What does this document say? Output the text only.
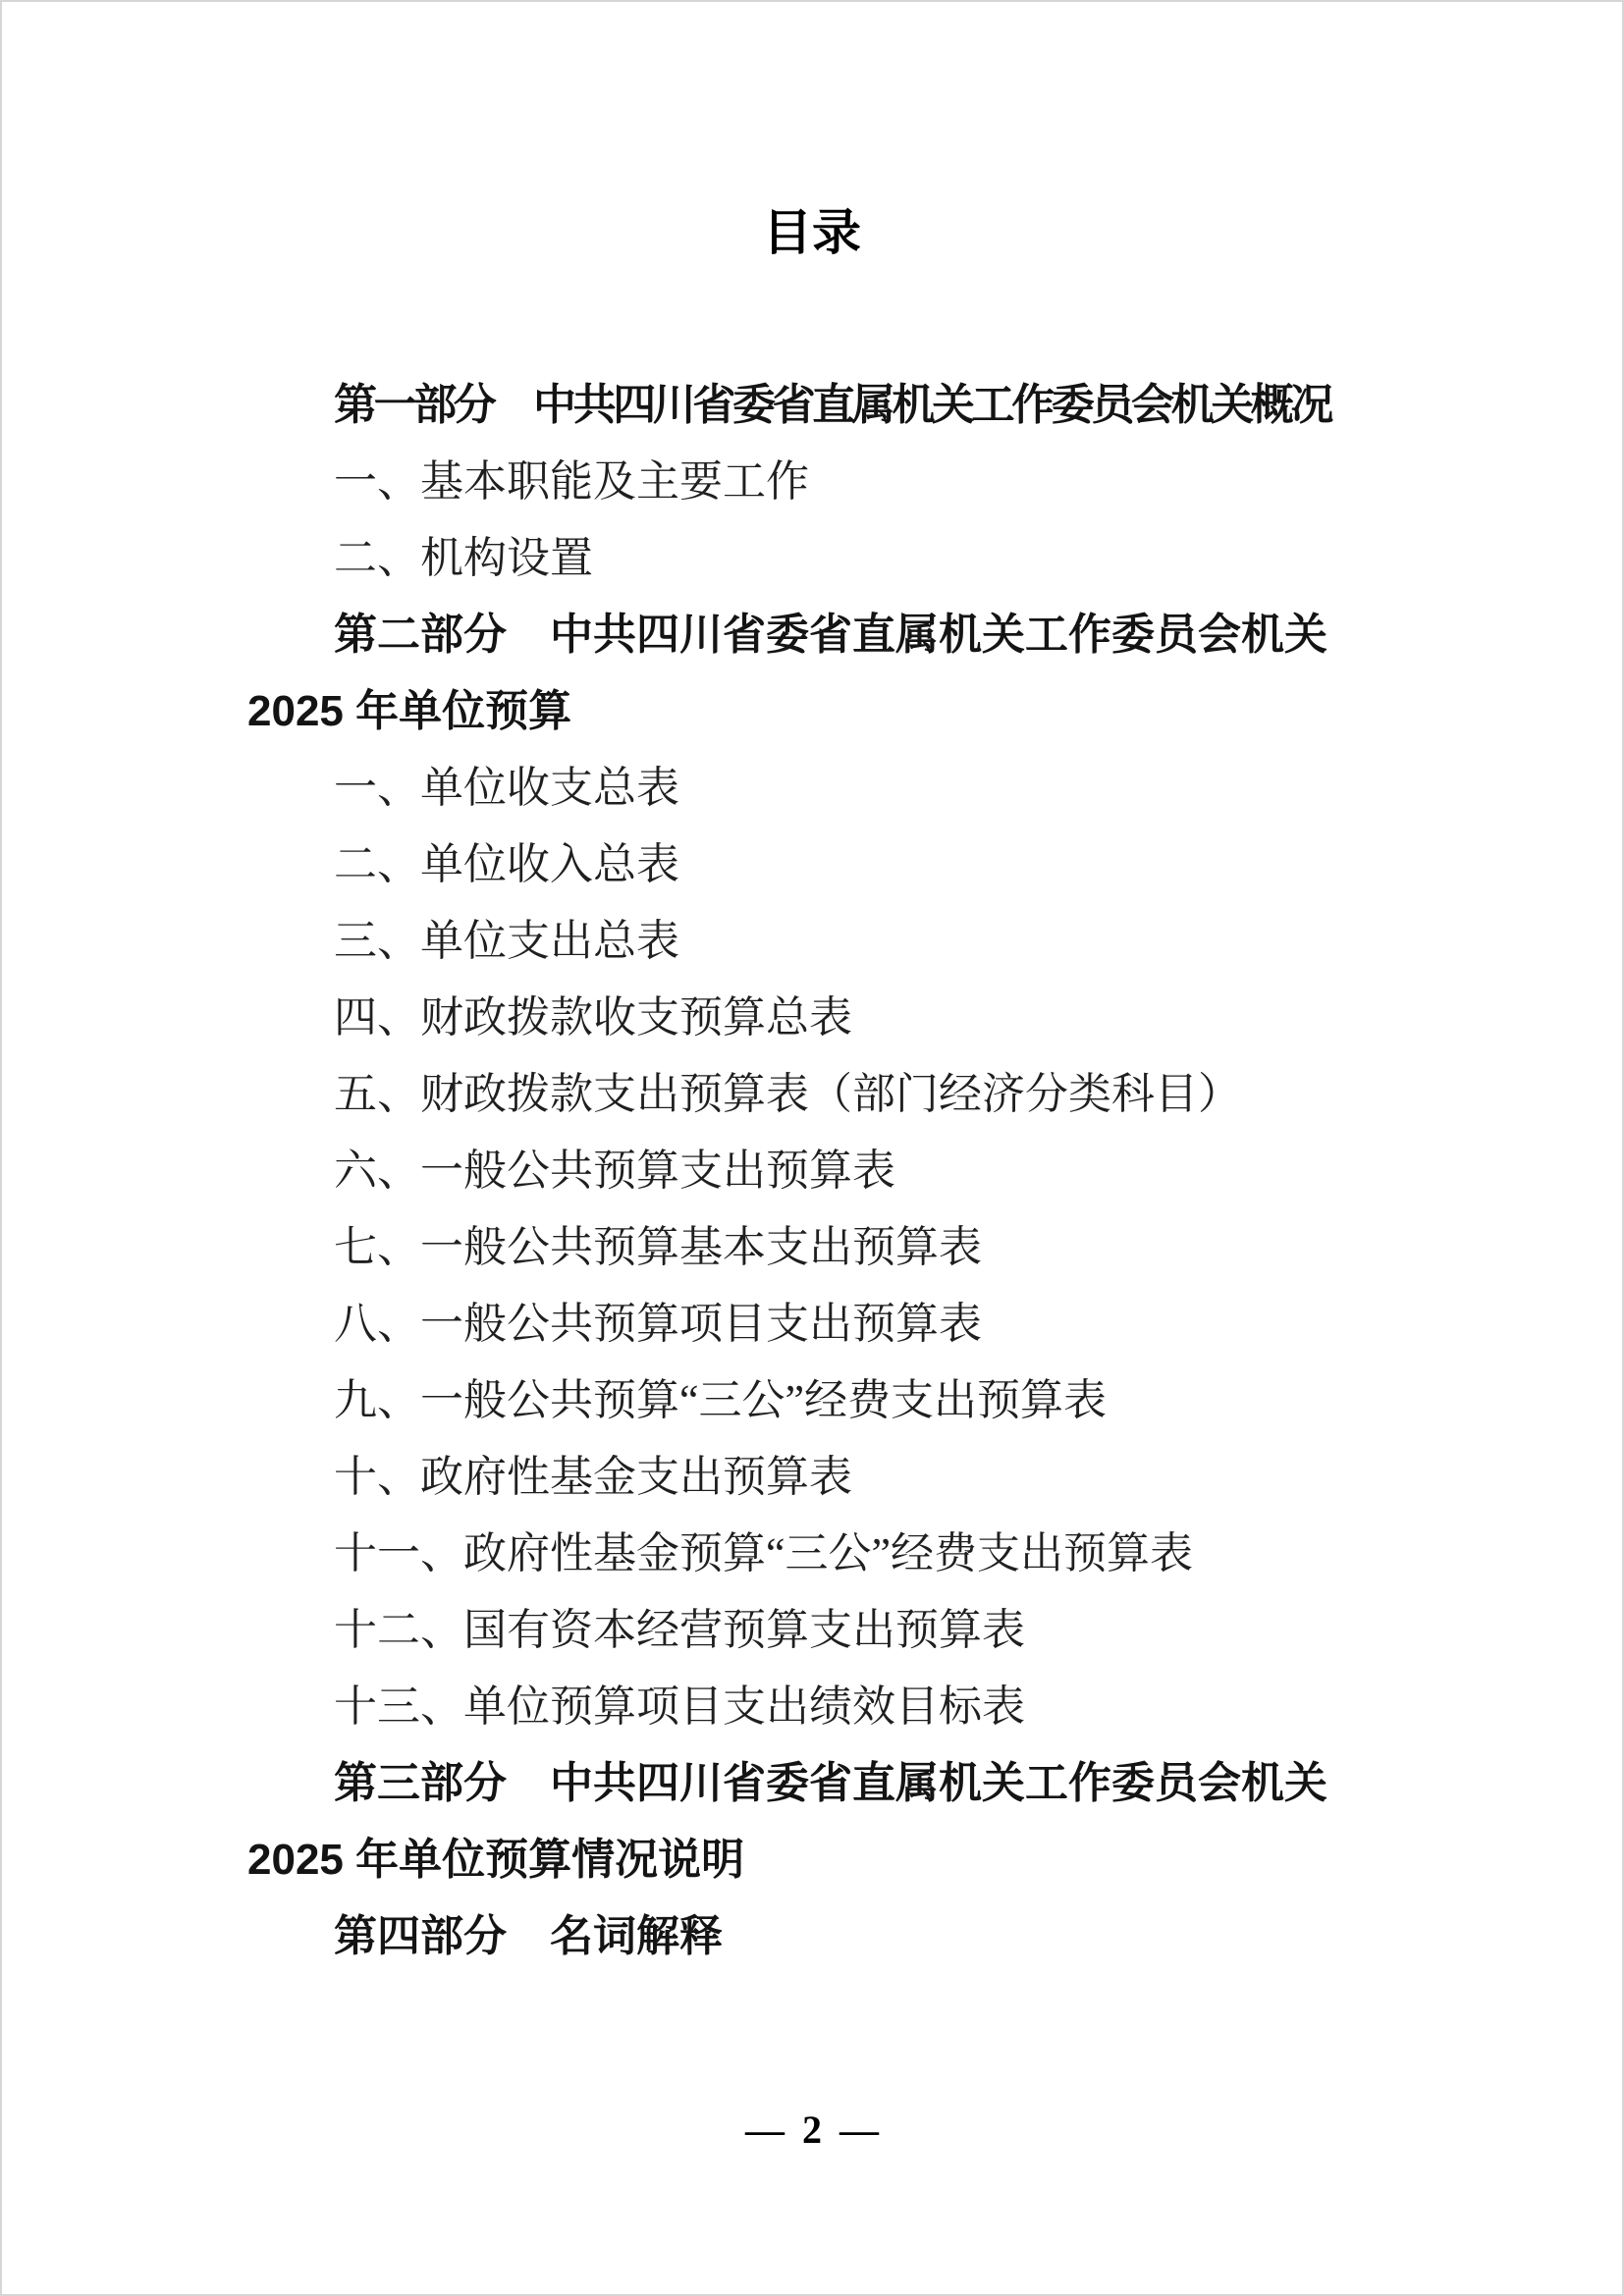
目录
第一部分　中共四川省委省直属机关工作委员会机关概况
一、基本职能及主要工作
二、机构设置
第二部分　中共四川省委省直属机关工作委员会机关
2025 年单位预算
一、单位收支总表
二、单位收入总表
三、单位支出总表
四、财政拨款收支预算总表
五、财政拨款支出预算表（部门经济分类科目）
六、一般公共预算支出预算表
七、一般公共预算基本支出预算表
八、一般公共预算项目支出预算表
九、一般公共预算“三公”经费支出预算表
十、政府性基金支出预算表
十一、政府性基金预算“三公”经费支出预算表
十二、国有资本经营预算支出预算表
十三、单位预算项目支出绩效目标表
第三部分　中共四川省委省直属机关工作委员会机关
2025 年单位预算情况说明
第四部分　名词解释
— 2 —
